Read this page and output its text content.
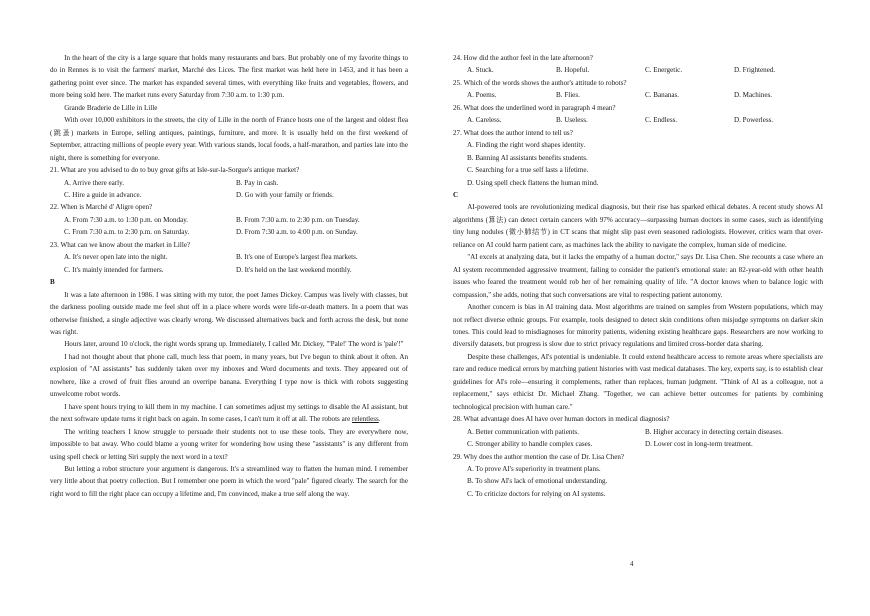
In the heart of the city is a large square that holds many restaurants and bars. But probably one of my favorite things to do in Rennes is to visit the farmers' market, Marché des Lices. The first market was held here in 1453, and it has been a gathering point ever since. The market has expanded several times, with everything like fruits and vegetables, flowers, and more being sold here. The market runs every Saturday from 7:30 a.m. to 1:30 p.m.

Grande Braderie de Lille in Lille

With over 10,000 exhibitors in the streets, the city of Lille in the north of France hosts one of the largest and oldest flea (跳蚤) markets in Europe, selling antiques, paintings, furniture, and more. It is usually held on the first weekend of September, attracting millions of people every year. With various stands, local foods, a half-marathon, and parties late into the night, there is something for everyone.

21. What are you advised to do to buy great gifts at Isle-sur-la-Sorgue's antique market?

A. Arrive there early.	B. Pay in cash.
C. Hire a guide in advance.	D. Go with your family or friends.

22. When is Marché d' Aligre open?

A. From 7:30 a.m. to 1:30 p.m. on Monday.	B. From 7:30 a.m. to 2:30 p.m. on Tuesday.
C. From 7:30 a.m. to 2:30 p.m. on Saturday.	D. From 7:30 a.m. to 4:00 p.m. on Sunday.

23. What can we know about the market in Lille?

A. It's never open late into the night.	B. It's one of Europe's largest flea markets.
C. It's mainly intended for farmers.	D. It's held on the last weekend monthly.

B

It was a late afternoon in 1986. I was sitting with my tutor, the poet James Dickey. Campus was lively with classes, but the darkness pooling outside made me feel shut off in a place where words were life-or-death matters. In a poem that was otherwise finished, a single adjective was clearly wrong. We discussed alternatives back and forth across the desk, but none was right.

Hours later, around 10 o'clock, the right words sprang up. Immediately, I called Mr. Dickey, "'Pale!' The word is 'pale'!"

I had not thought about that phone call, much less that poem, in many years, but I've begun to think about it often. An explosion of "AI assistants" has suddenly taken over my inboxes and Word documents and texts. They appeared out of nowhere, like a crowd of fruit flies around an overripe banana. Everything I type now is thick with robots suggesting unwelcome robot words.

I have spent hours trying to kill them in my machine. I can sometimes adjust my settings to disable the AI assistant, but the next software update turns it right back on again. In some cases, I can't turn it off at all. The robots are relentless.

The writing teachers I know struggle to persuade their students not to use these tools. They are everywhere now, impossible to bat away. Who could blame a young writer for wondering how using these "assistants" is any different from using spell check or letting Siri supply the next word in a text?

But letting a robot structure your argument is dangerous. It's a streamlined way to flatten the human mind. I remember very little about that poetry collection. But I remember one poem in which the word "pale" figured clearly. The search for the right word to fill the right place can occupy a lifetime and, I'm convinced, make a true self along the way.

24. How did the author feel in the late afternoon?

A. Stuck.	B. Hopeful.	C. Energetic.	D. Frightened.

25. Which of the words shows the author's attitude to robots?

A. Poems.	B. Flies.	C. Bananas.	D. Machines.

26. What does the underlined word in paragraph 4 mean?

A. Careless.	B. Useless.	C. Endless.	D. Powerless.

27. What does the author intend to tell us?

A. Finding the right word shapes identity.
B. Banning AI assistants benefits students.
C. Searching for a true self lasts a lifetime.
D. Using spell check flattens the human mind.

C

AI-powered tools are revolutionizing medical diagnosis, but their rise has sparked ethical debates. A recent study shows AI algorithms (算法) can detect certain cancers with 97% accuracy—surpassing human doctors in some cases, such as identifying tiny lung nodules (微小肺结节) in CT scans that might slip past even seasoned radiologists. However, critics warn that over-reliance on AI could harm patient care, as machines lack the ability to navigate the complex, human side of medicine.

"AI excels at analyzing data, but it lacks the empathy of a human doctor," says Dr. Lisa Chen. She recounts a case where an AI system recommended aggressive treatment, failing to consider the patient's emotional state: an 82-year-old with other health issues who feared the treatment would rob her of her remaining quality of life. "A doctor knows when to balance logic with compassion," she adds, noting that such conversations are vital to respecting patient autonomy.

Another concern is bias in AI training data. Most algorithms are trained on samples from Western populations, which may not reflect diverse ethnic groups. For example, tools designed to detect skin conditions often misjudge symptoms on darker skin tones. This could lead to misdiagnoses for minority patients, widening existing healthcare gaps. Researchers are now working to diversify datasets, but progress is slow due to strict privacy regulations and limited cross-border data sharing.

Despite these challenges, AI's potential is undeniable. It could extend healthcare access to remote areas where specialists are rare and reduce medical errors by matching patient histories with vast medical databases. The key, experts say, is to establish clear guidelines for AI's role—ensuring it complements, rather than replaces, human judgment. "Think of AI as a colleague, not a replacement," says ethicist Dr. Michael Zhang. "Together, we can achieve better outcomes for patients by combining technological precision with human care."

28. What advantage does AI have over human doctors in medical diagnosis?

A. Better communication with patients.	B. Higher accuracy in detecting certain diseases.
C. Stronger ability to handle complex cases.	D. Lower cost in long-term treatment.

29. Why does the author mention the case of Dr. Lisa Chen?

A. To prove AI's superiority in treatment plans.
B. To show AI's lack of emotional understanding.
C. To criticize doctors for relying on AI systems.
4
